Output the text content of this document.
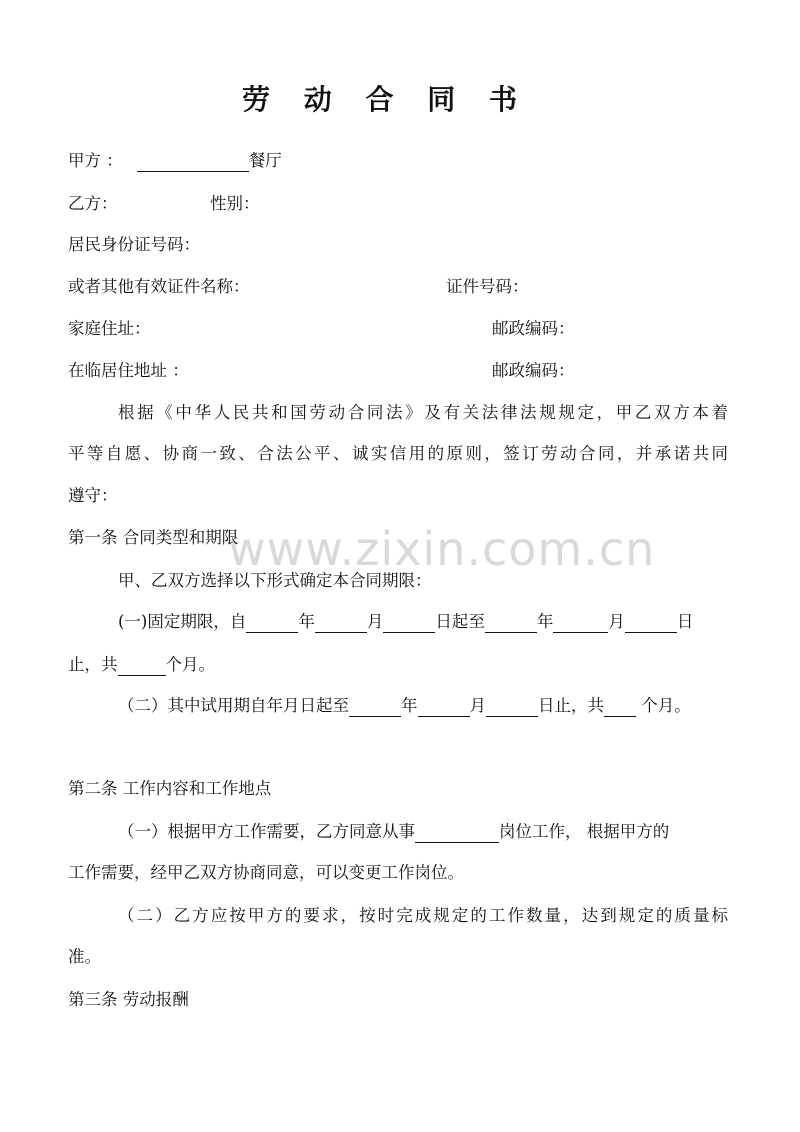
www.zixin.com.cn
劳 动 合 同 书
甲方 ：	餐厅
乙方：	性别：
居民身份证号码：
或者其他有效证件名称：	证件号码：
家庭住址：	邮政编码：
在临居住地址 ：	邮政编码：
根据《中华人民共和国劳动合同法》及有关法律法规规定，甲乙双方本着
平等自愿、协商一致、合法公平、诚实信用的原则，签订劳动合同，并承诺共同
遵守：
第一条 合同类型和期限
甲、乙双方选择以下形式确定本合同期限：
(一)固定期限，自	年	月	日起至	年	月	日
止，共	个月。
（二）其中试用期自年月日起至	年	月	日止，共 个月。
第二条 工作内容和工作地点
（一）根据甲方工作需要，乙方同意从事	岗位工作， 根据甲方的
工作需要，经甲乙双方协商同意，可以变更工作岗位。
（二）乙方应按甲方的要求，按时完成规定的工作数量，达到规定的质量标
准。
第三条 劳动报酬
